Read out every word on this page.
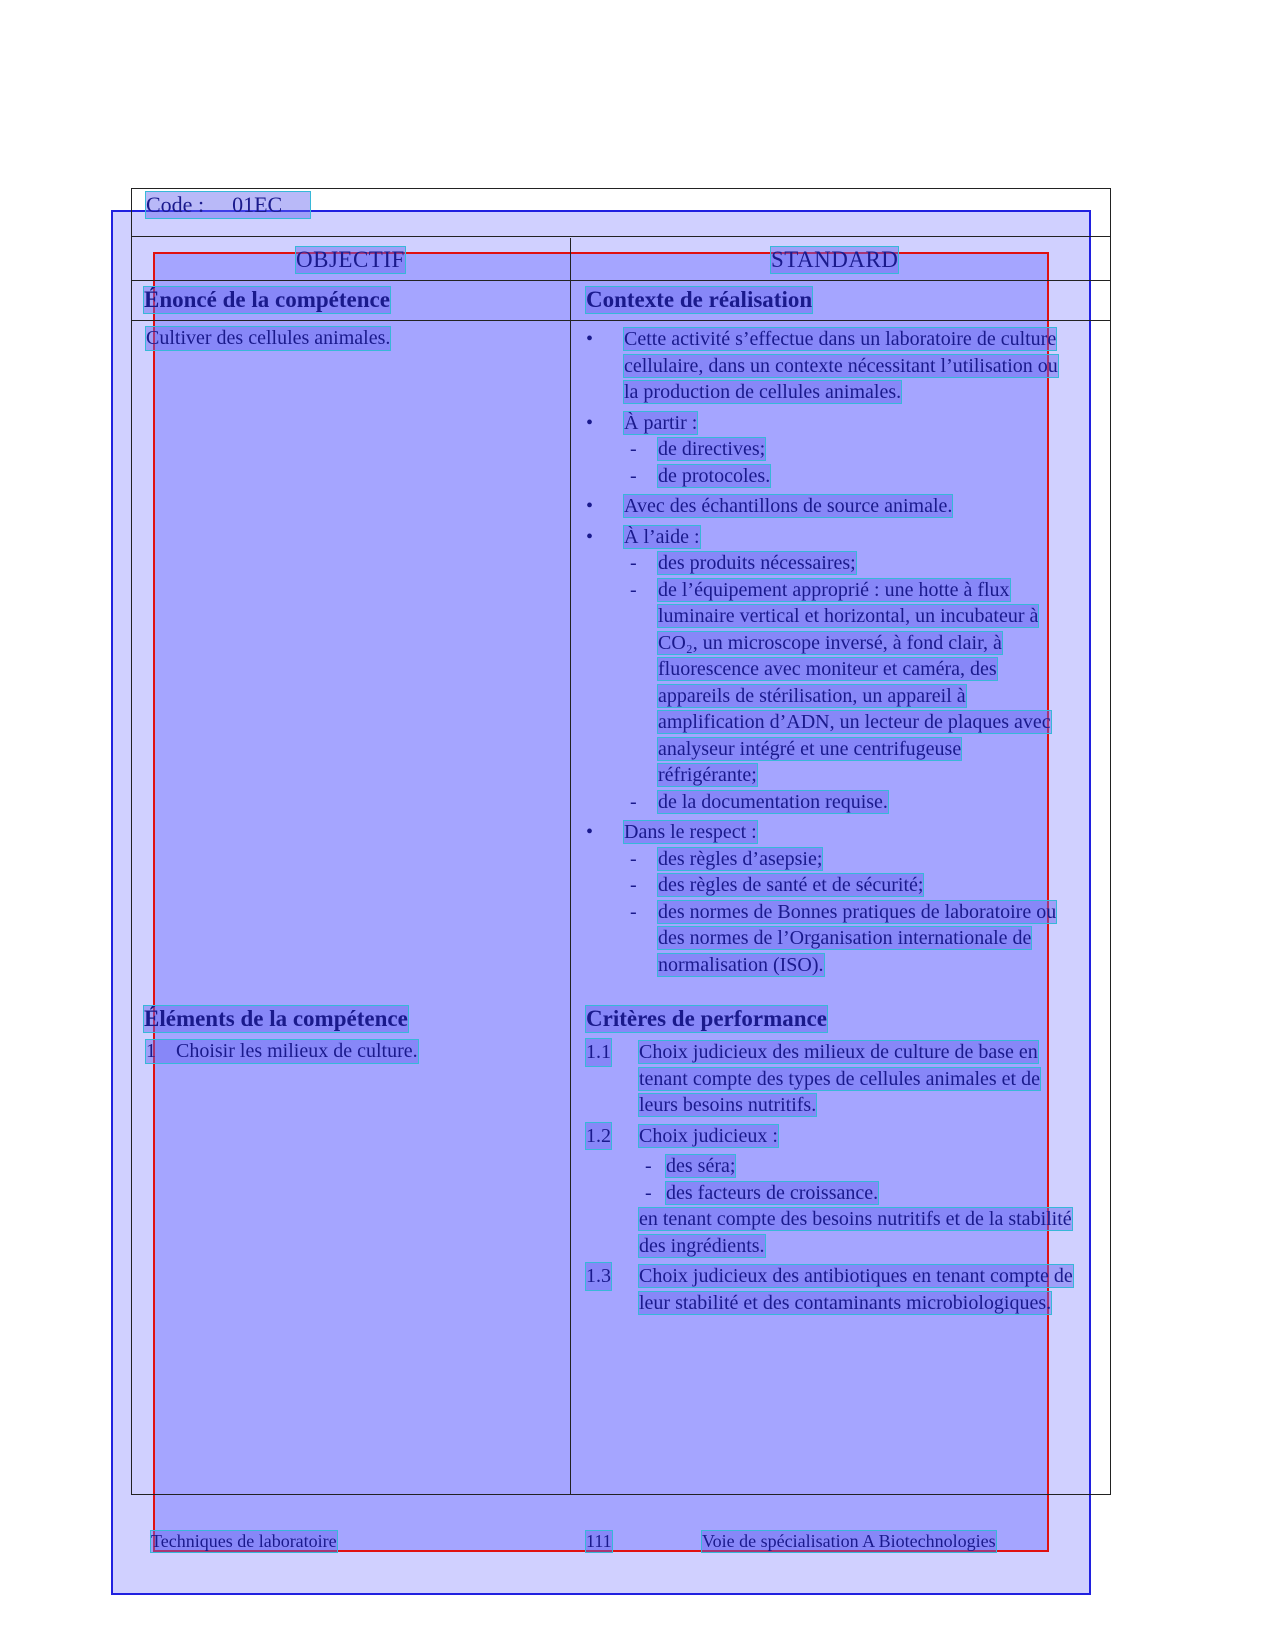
Code : 01EC
OBJECTIF	STANDARD
Énoncé de la compétence	Contexte de réalisation
Cultiver des cellules animales.
•	Cette activité s’effectue dans un laboratoire de culture cellulaire, dans un contexte nécessitant l’utilisation ou la production de cellules animales.
• À partir :
- de directives;
- de protocoles.
• Avec des échantillons de source animale.
• À l’aide :
- des produits nécessaires;
- de l’équipement approprié : une hotte à flux luminaire vertical et horizontal, un incubateur à CO₂, un microscope inversé, à fond clair, à fluorescence avec moniteur et caméra, des appareils de stérilisation, un appareil à amplification d’ADN, un lecteur de plaques avec analyseur intégré et une centrifugeuse réfrigérante;
- de la documentation requise.
• Dans le respect :
- des règles d’asepsie;
- des règles de santé et de sécurité;
- des normes de Bonnes pratiques de laboratoire ou des normes de l’Organisation internationale de normalisation (ISO).
Éléments de la compétence	Critères de performance
1 Choisir les milieux de culture.	1.1 Choix judicieux des milieux de culture de base en tenant compte des types de cellules animales et de leurs besoins nutritifs.
1.2 Choix judicieux :
- des séra;
- des facteurs de croissance.
en tenant compte des besoins nutritifs et de la stabilité des ingrédients.
1.3 Choix judicieux des antibiotiques en tenant compte de leur stabilité et des contaminants microbiologiques.
Techniques de laboratoire	111	Voie de spécialisation A Biotechnologies
